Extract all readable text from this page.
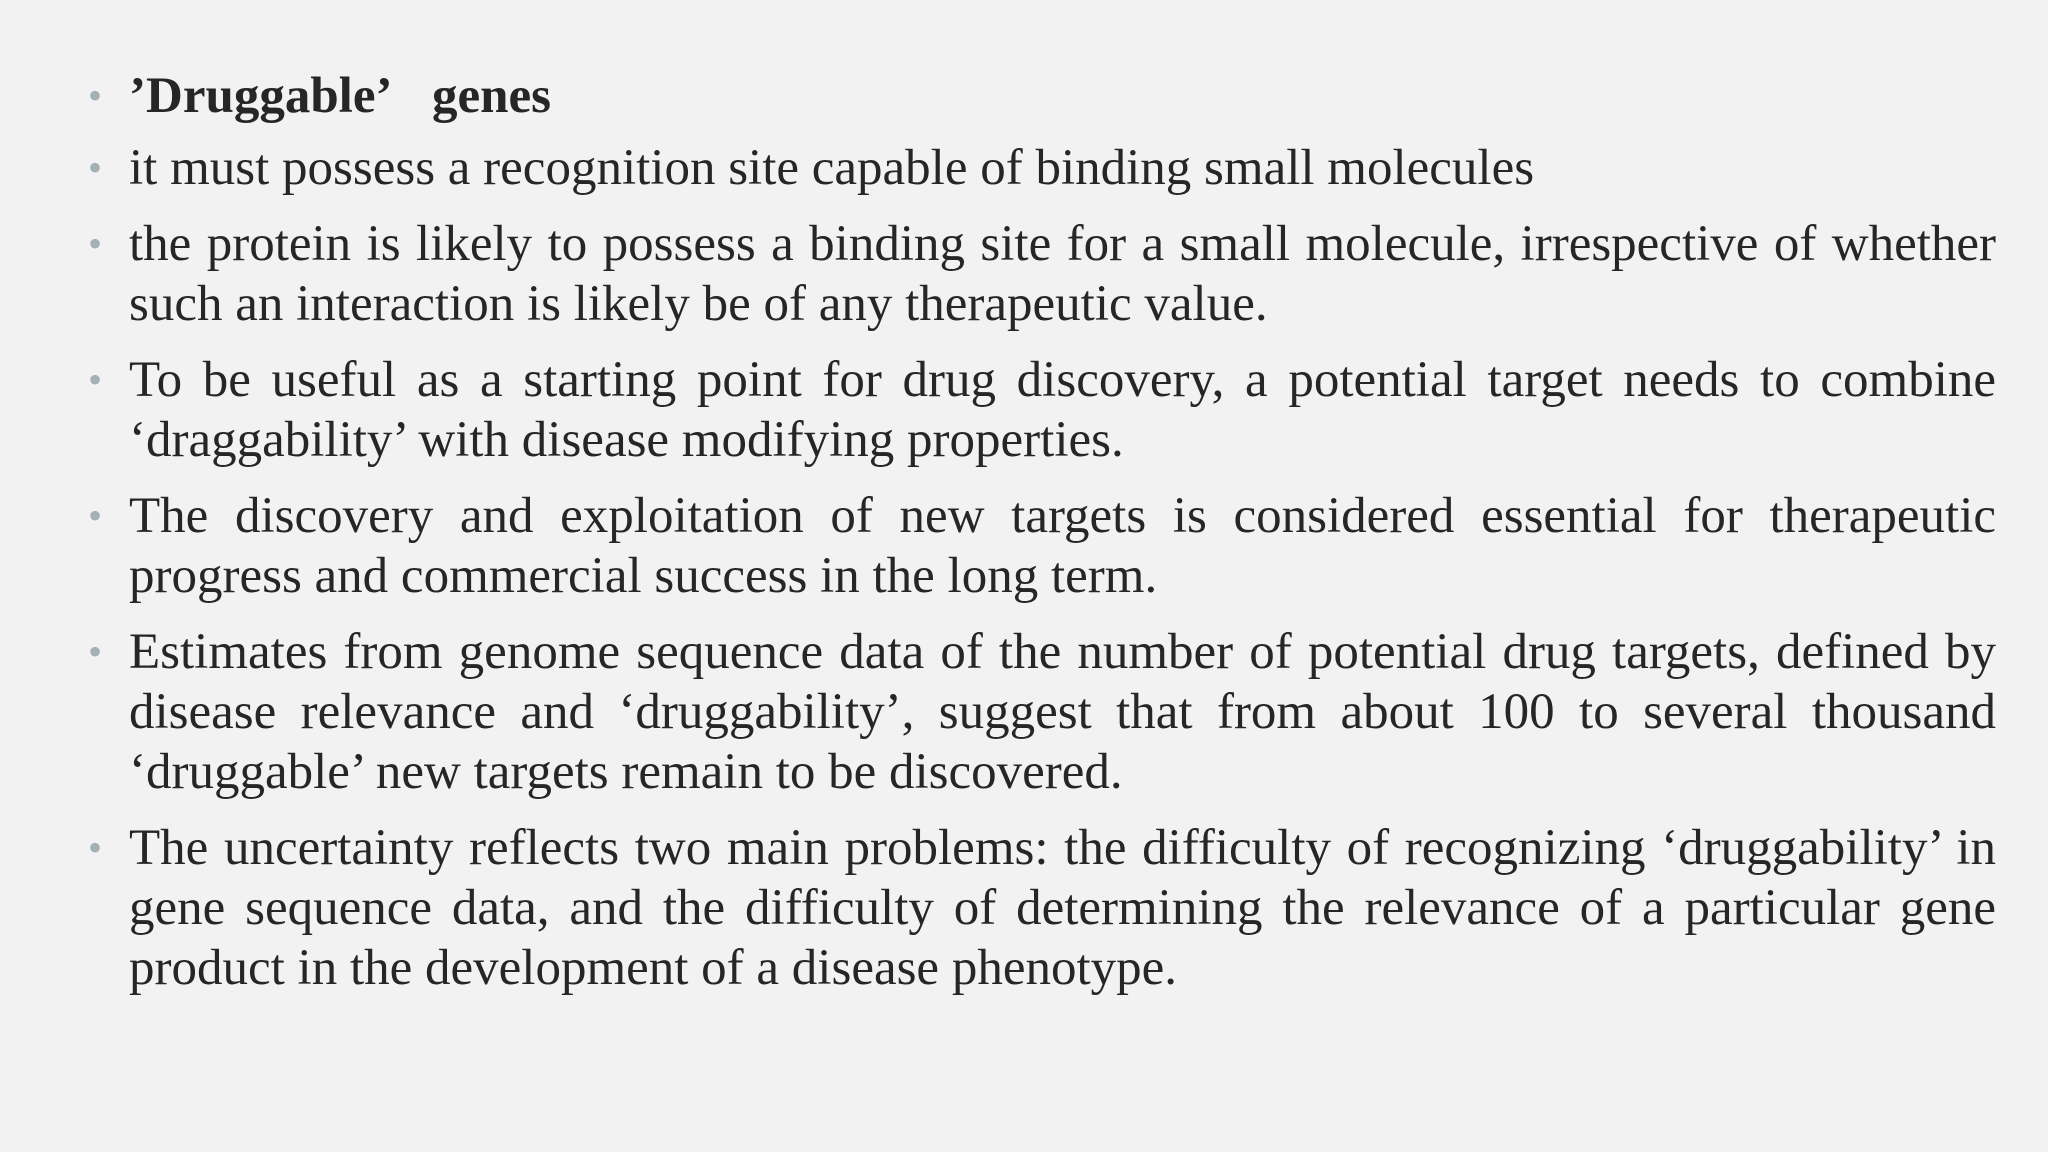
• ’Druggable’ genes
• it must possess a recognition site capable of binding small molecules
• the protein is likely to possess a binding site for a small molecule, irrespective of whether such an interaction is likely be of any therapeutic value.
• To be useful as a starting point for drug discovery, a potential target needs to combine ‘draggability’ with disease modifying properties.
• The discovery and exploitation of new targets is considered essential for therapeutic progress and commercial success in the long term.
• Estimates from genome sequence data of the number of potential drug targets, defined by disease relevance and ‘druggability’, suggest that from about 100 to several thousand ‘druggable’ new targets remain to be discovered.
• The uncertainty reflects two main problems: the difficulty of recognizing ‘druggability’ in gene sequence data, and the difficulty of determining the relevance of a particular gene product in the development of a disease phenotype.
